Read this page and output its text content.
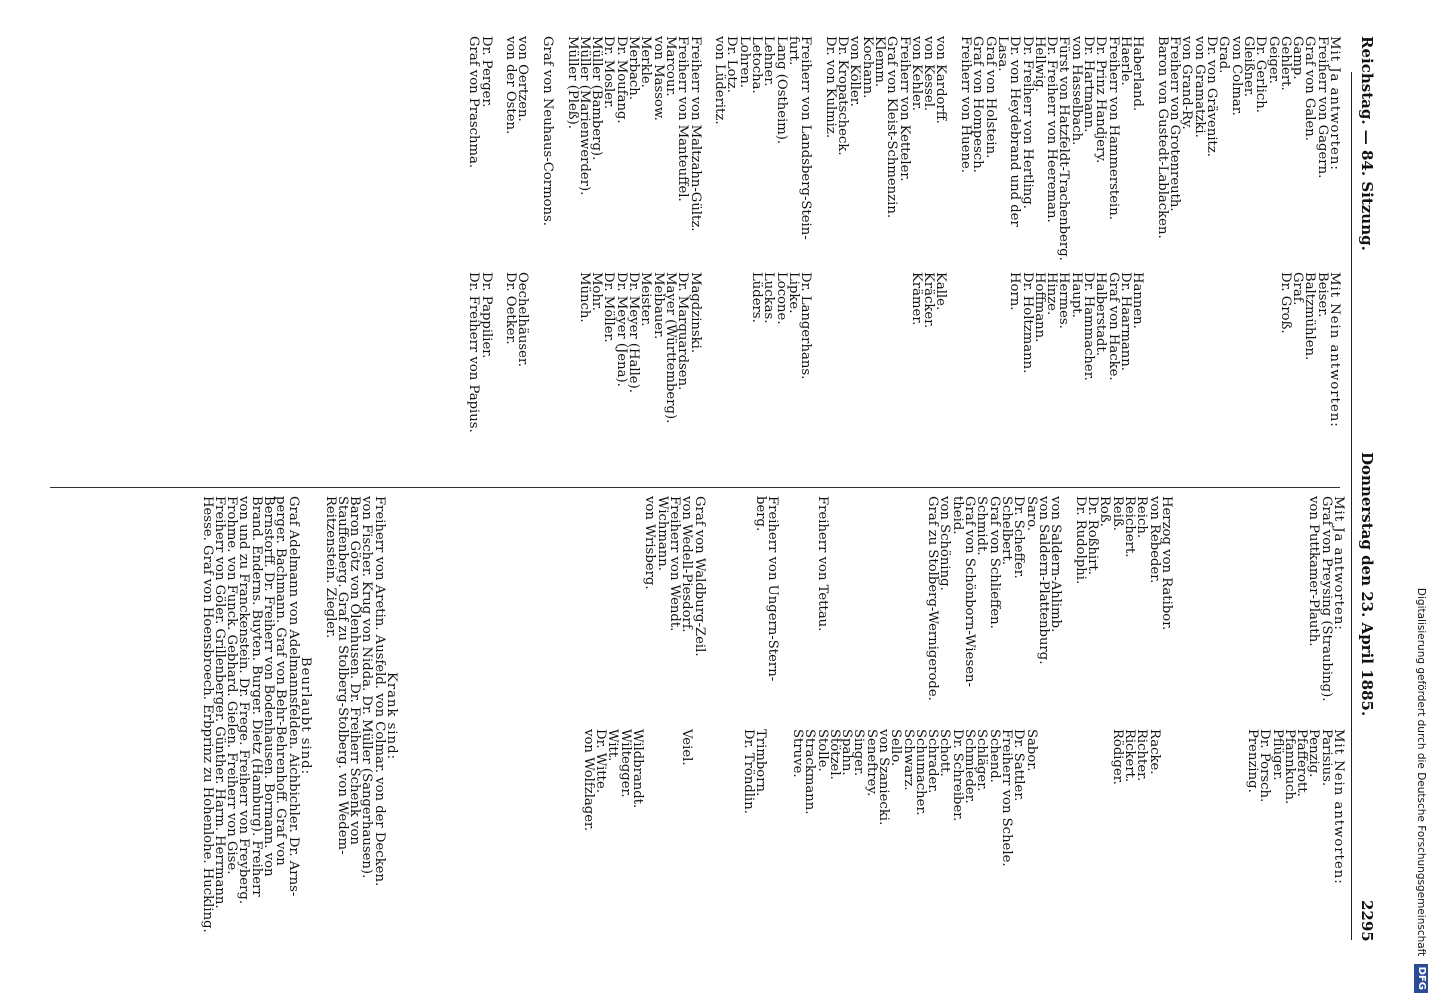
Reichstag. — 84. Sitzung.
Donnerstag den 23. April 1885.
2295
Mit Ja antworten:
Freiherr von Gagern.
Graf von Galen.
Gamp.
Gehlert.
Geiger.
Dr. Gerlich.
Gleißner.
von Colmar.
Grad.
Dr. von Grävenitz.
von Gramatzki.
von Grand-Ry.
Freiherr von Grotenreuth.
Baron von Gustedt-Lablacken.
Haberland.
Haerle.
Freiherr von Hammerstein.
Dr. Prinz Handjery.
Dr. Hartmann.
von Hasselbach.
Fürst von Hatzfeldt-Trachenberg.
Dr. Freiherr von Heereman.
Hellwig.
Dr. Freiherr von Hertling.
Dr. von Heydebrand und der
Lasa.
Graf von Holstein.
Graf von Hompesch.
Freiherr von Huene.
von Kardorff.
von Kessel.
von Kehler.
Freiherr von Ketteler.
Graf von Kleist-Schmenzin.
Klemm.
Kochann.
von Köller.
Dr. Kropatscheck.
Dr. von Kulmiz.
Freiherr von Landsberg-Stein-
furt.
Lang (Ostheim).
Lehner.
Letocha.
Lohren.
Dr. Lotz.
von Lüderitz.
Freiherr von Maltzahn-Gültz.
Freiherr von Manteuffel.
Marcour.
von Massow.
Merkle.
Merbach.
Dr. Moufang.
Dr. Mosler.
Müller (Bamberg).
Müller (Marienwerder).
Müller (Pleß).
Graf von Neuhaus-Cormons.
von Oertzen.
von der Osten.
Dr. Perger.
Graf von Praschma.
Mit Nein antworten:
Beiser.
Baltzmühlen.
Graf.
Dr. Groß.
Hannen.
Dr. Haarmann.
Graf von Hacke.
Halberstadt.
Dr. Hammacher.
Haupt.
Hermes.
Hinze.
Hoffmann.
Dr. Holtzmann.
Horn.
Kalle.
Kräcker.
Krämer.
Dr. Langerhans.
Lipke.
Locone.
Luckas.
Lüders.
Magdzinski.
Dr. Marquardsen.
Mayer (Württemberg).
Meibauer.
Meister.
Dr. Meyer (Halle).
Dr. Meyer (Jena).
Dr. Möller.
Mohr.
Münch.
Oechelhäuser.
Dr. Oetker.
Dr. Pappilier.
Dr. Freiherr von Papius.
Mit Ja antworten:
Graf von Preysing (Straubing).
von Puttkamer-Plauth.
Herzog von Ratibor.
von Rebeder.
Reich.
Reichert.
Reiß.
Roß.
Dr. Roßhirt.
Dr. Rudolphi.
von Saldern-Ahlimb.
von Saldern-Plattenburg.
Saro.
Dr. Scheffer.
Schelbert.
Graf von Schlieffen.
Schmidt.
Graf von Schönborn-Wiesen-
theid.
von Schöning.
Graf zu Stolberg-Wernigerode.
Freiherr von Tettau.
Freiherr von Ungern-Stern-
berg.
Graf von Waldburg-Zeil.
von Wedell-Piesdorf.
Freiherr von Wendt.
Wichmann.
von Wrisberg.
Mit Nein antworten:
Parisius.
Penzig.
Pfafferott.
Pfannkuch.
Pflüger.
Dr. Porsch.
Prenzing.
Racke.
Richter.
Rickert.
Rödiger.
Sabor.
Dr. Sattler.
Freiherr von Schele.
Schend.
Schläger.
Schmieder.
Dr. Schreiber.
Schott.
Schrader.
Schumacher.
Schwarz.
Sello.
von Szaniecki.
Seneftrey.
Singer.
Spahn.
Stötzel.
Stolle.
Strackmann.
Struve.
Trimborn.
Dr. Tröndlin.
Veiel.
Wildbrandt.
Wiltegger.
Witt.
Dr. Witte.
von Wolfzlager.
Krank sind:
Freiherr von Aretin. Ausfeld. von Colmar. von der Decken.
von Fischer. Krug von Nidda. Dr. Müller (Sangerhausen).
Baron Götz von Olenhusen. Dr. Freiherr Schenk von
Stauffenberg. Graf zu Stolberg-Stolberg. von Wedem-
Reitzenstein. Ziegler.
Beurlaubt sind:
Graf Adelmann von Adelmannsfelden. Aichbichler. Dr. Arns-
perger. Bachmann. Graf von Behr-Behrenhoff. Graf von
Bernstorff. Dr. Freiherr von Bodenhausen. Bormann. von
Brand. Enderns. Buyten. Burger. Dietz (Hamburg). Freiherr
von und zu Franckenstein. Dr. Frege. Freiherr von Freyberg.
Frohme. von Funck. Gebhard. Gielen. Freiherr von Gise.
Freiherr von Göler. Grillenberger. Günther. Harm. Herrmann.
Hesse. Graf von Hoensbroech. Erbprinz zu Hohenlohe. Huckling.	Digitalisierung gefördert durch die Deutsche Forschungsgemeinschaft DFG
